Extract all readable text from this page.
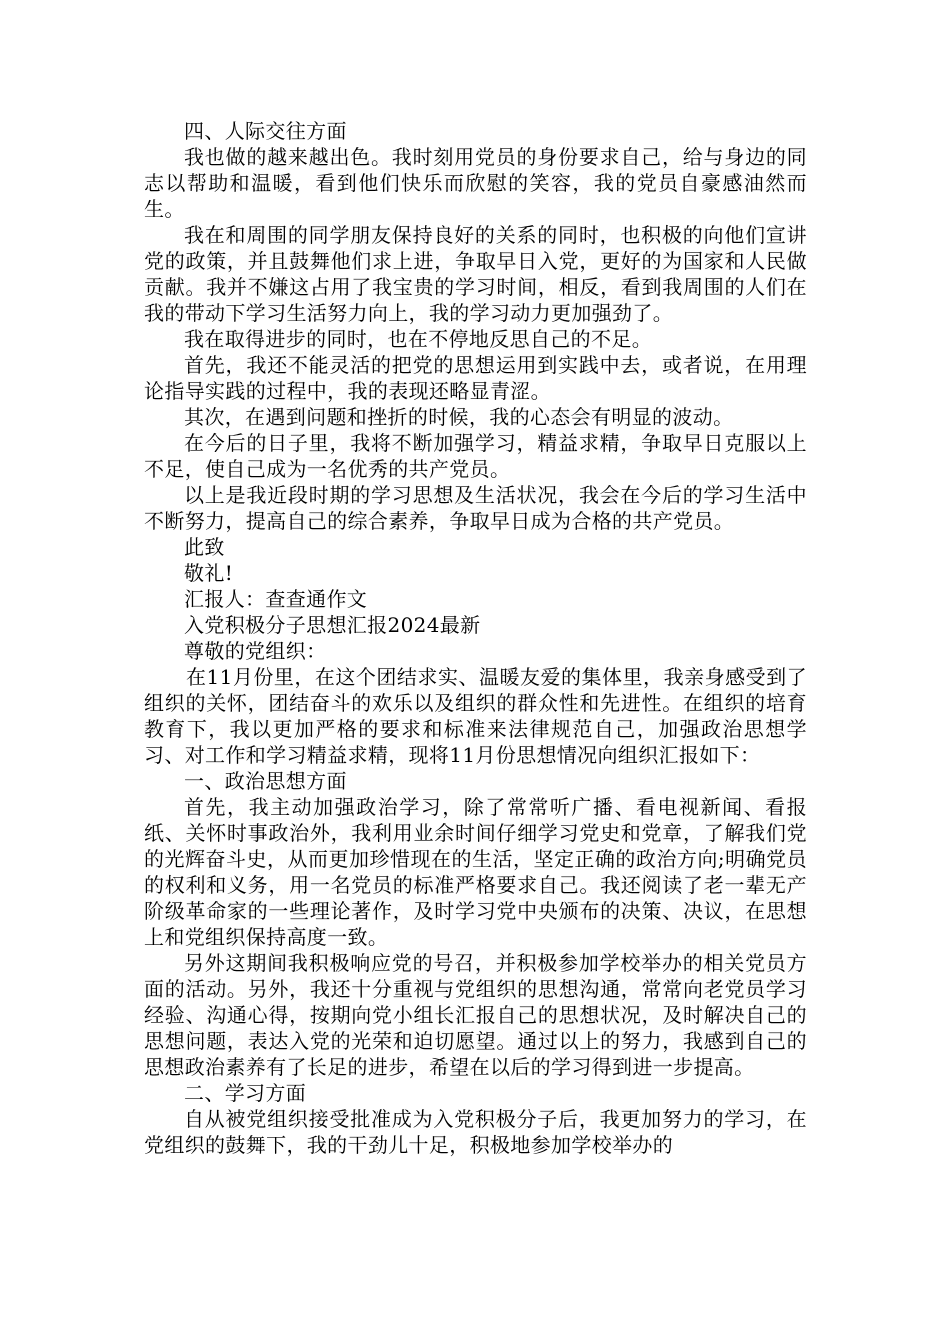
四、人际交往方面

我也做的越来越出色。我时刻用党员的身份要求自己，给与身边的同志以帮助和温暖，看到他们快乐而欣慰的笑容，我的党员自豪感油然而生。

我在和周围的同学朋友保持良好的关系的同时，也积极的向他们宣讲党的政策，并且鼓舞他们求上进，争取早日入党，更好的为国家和人民做贡献。我并不嫌这占用了我宝贵的学习时间，相反，看到我周围的人们在我的带动下学习生活努力向上，我的学习动力更加强劲了。

我在取得进步的同时，也在不停地反思自己的不足。

首先，我还不能灵活的把党的思想运用到实践中去，或者说，在用理论指导实践的过程中，我的表现还略显青涩。

其次，在遇到问题和挫折的时候，我的心态会有明显的波动。

在今后的日子里，我将不断加强学习，精益求精，争取早日克服以上不足，使自己成为一名优秀的共产党员。

以上是我近段时期的学习思想及生活状况，我会在今后的学习生活中不断努力，提高自己的综合素养，争取早日成为合格的共产党员。

此致

敬礼!

汇报人：查查通作文

入党积极分子思想汇报2024最新

尊敬的党组织：

在11月份里，在这个团结求实、温暖友爱的集体里，我亲身感受到了组织的关怀，团结奋斗的欢乐以及组织的群众性和先进性。在组织的培育教育下，我以更加严格的要求和标准来法律规范自己，加强政治思想学习、对工作和学习精益求精，现将11月份思想情况向组织汇报如下：

一、政治思想方面

首先，我主动加强政治学习，除了常常听广播、看电视新闻、看报纸、关怀时事政治外，我利用业余时间仔细学习党史和党章，了解我们党的光辉奋斗史，从而更加珍惜现在的生活，坚定正确的政治方向;明确党员的权利和义务，用一名党员的标准严格要求自己。我还阅读了老一辈无产阶级革命家的一些理论著作，及时学习党中央颁布的决策、决议，在思想上和党组织保持高度一致。

另外这期间我积极响应党的号召，并积极参加学校举办的相关党员方面的活动。另外，我还十分重视与党组织的思想沟通，常常向老党员学习经验、沟通心得，按期向党小组长汇报自己的思想状况，及时解决自己的思想问题，表达入党的光荣和迫切愿望。通过以上的努力，我感到自己的思想政治素养有了长足的进步，希望在以后的学习得到进一步提高。

二、学习方面

自从被党组织接受批准成为入党积极分子后，我更加努力的学习，在党组织的鼓舞下，我的干劲儿十足，积极地参加学校举办的
